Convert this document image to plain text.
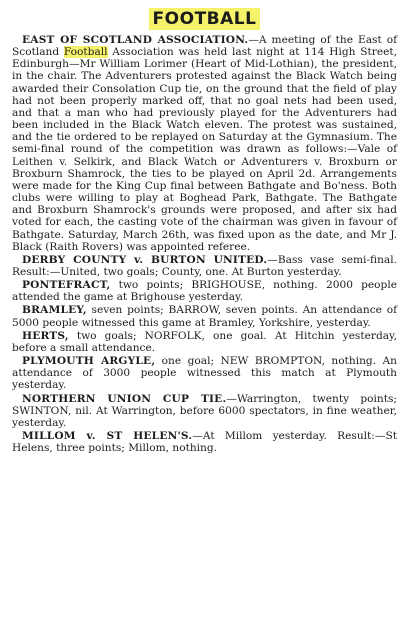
FOOTBALL

EAST OF SCOTLAND ASSOCIATION.—A meeting of the East of Scotland Football Association was held last night at 114 High Street, Edinburgh—Mr William Lorimer (Heart of Mid-Lothian), the president, in the chair. The Adventurers protested against the Black Watch being awarded their Consolation Cup tie, on the ground that the field of play had not been properly marked off, that no goal nets had been used, and that a man who had previously played for the Adventurers had been included in the Black Watch eleven. The protest was sustained, and the tie ordered to be replayed on Saturday at the Gymnasium. The semi-final round of the competition was drawn as follows:—Vale of Leithen v. Selkirk, and Black Watch or Adventurers v. Broxburn or Broxburn Shamrock, the ties to be played on April 2d. Arrangements were made for the King Cup final between Bathgate and Bo'ness. Both clubs were willing to play at Boghead Park, Bathgate. The Bathgate and Broxburn Shamrock's grounds were proposed, and after six had voted for each, the casting vote of the chairman was given in favour of Bathgate. Saturday, March 26th, was fixed upon as the date, and Mr J. Black (Raith Rovers) was appointed referee.

DERBY COUNTY v. BURTON UNITED.—Bass vase semi-final. Result:—United, two goals; County, one. At Burton yesterday.

PONTEFRACT, two points; BRIGHOUSE, nothing. 2000 people attended the game at Brighouse yesterday.

BRAMLEY, seven points; BARROW, seven points. An attendance of 5000 people witnessed this game at Bramley, Yorkshire, yesterday.

HERTS, two goals; NORFOLK, one goal. At Hitchin yesterday, before a small attendance.

PLYMOUTH ARGYLE, one goal; NEW BROMPTON, nothing. An attendance of 3000 people witnessed this match at Plymouth yesterday.

NORTHERN UNION CUP TIE.—Warrington, twenty points; SWINTON, nil. At Warrington, before 6000 spectators, in fine weather, yesterday.

MILLOM v. ST HELEN'S.—At Millom yesterday. Result:—St Helens, three points; Millom, nothing.
